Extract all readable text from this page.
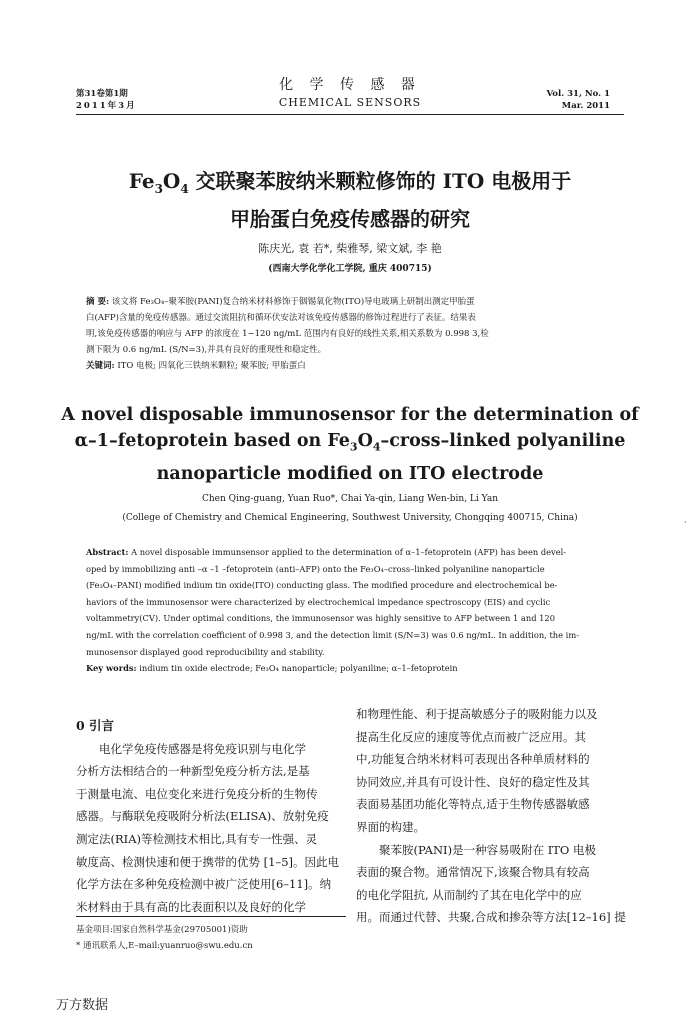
第31卷第1期
2011年3月
化 学 传 感 器
CHEMICAL SENSORS
Vol. 31, No. 1
Mar. 2011
$Fe_3O_4$ 交联聚苯胺纳米颗粒修饰的 ITO 电极用于
甲胎蛋白免疫传感器的研究
陈庆光, 袁 若*, 柴雅琴, 梁文斌, 李 艳
(西南大学化学化工学院, 重庆 400715)
摘 要: 该文将 Fe₃O₄–聚苯胺(PANI)复合纳米材料修饰于铟锡氧化物(ITO)导电玻璃上研制出测定甲胎蛋
白(AFP)含量的免疫传感器。通过交流阻抗和循环伏安法对该免疫传感器的修饰过程进行了表征。结果表
明,该免疫传感器的响应与 AFP 的浓度在 1~120 ng/mL 范围内有良好的线性关系,相关系数为 0.998 3,检
测下限为 0.6 ng/mL (S/N=3),并具有良好的重现性和稳定性。
关键词: ITO 电极; 四氧化三铁纳米颗粒; 聚苯胺; 甲胎蛋白
A novel disposable immunosensor for the determination of
α–1–fetoprotein based on $Fe_3O_4-cross$–linked polyaniline
nanoparticle modified on ITO electrode
Chen Qing-guang, Yuan Ruo*, Chai Ya-qin, Liang Wen-bin, Li Yan
(College of Chemistry and Chemical Engineering, Southwest University, Chongqing 400715, China)	·
Abstract: A novel disposable immunsensor applied to the determination of α–1–fetoprotein (AFP) has been devel-
oped by immobilizing anti –α –1 –fetoprotein (anti–AFP) onto the Fe₃O₄–cross–linked polyaniline nanoparticle
(Fe₃O₄–PANI) modified indium tin oxide(ITO) conducting glass. The modified procedure and electrochemical be-
haviors of the immunosensor were characterized by electrochemical impedance spectroscopy (EIS) and cyclic
voltammetry(CV). Under optimal conditions, the immunosensor was highly sensitive to AFP between 1 and 120
ng/mL with the correlation coefficient of 0.998 3, and the detection limit (S/N=3) was 0.6 ng/mL. In addition, the im-
munosensor displayed good reproducibility and stability.
Key words: indium tin oxide electrode; Fe₃O₄ nanoparticle; polyaniline; α–1–fetoprotein
0 引言
电化学免疫传感器是将免疫识别与电化学
分析方法相结合的一种新型免疫分析方法,是基
于测量电流、电位变化来进行免疫分析的生物传
感器。与酶联免疫吸附分析法(ELISA)、放射免疫
测定法(RIA)等检测技术相比,具有专一性强、灵
敏度高、检测快速和便于携带的优势 [1–5]。因此电
化学方法在多种免疫检测中被广泛使用[6–11]。纳
米材料由于具有高的比表面积以及良好的化学
和物理性能、利于提高敏感分子的吸附能力以及
提高生化反应的速度等优点而被广泛应用。其
中,功能复合纳米材料可表现出各种单质材料的
协同效应,并具有可设计性、良好的稳定性及其
表面易基团功能化等特点,适于生物传感器敏感
界面的构建。
聚苯胺(PANI)是一种容易吸附在 ITO 电极
表面的聚合物。通常情况下,该聚合物具有较高
的电化学阻抗, 从而制约了其在电化学中的应
用。而通过代替、共聚,合成和掺杂等方法[12–16] 提
基金项目:国家自然科学基金(29705001)资助
* 通讯联系人,E–mail:yuanruo@swu.edu.cn
万方数据
